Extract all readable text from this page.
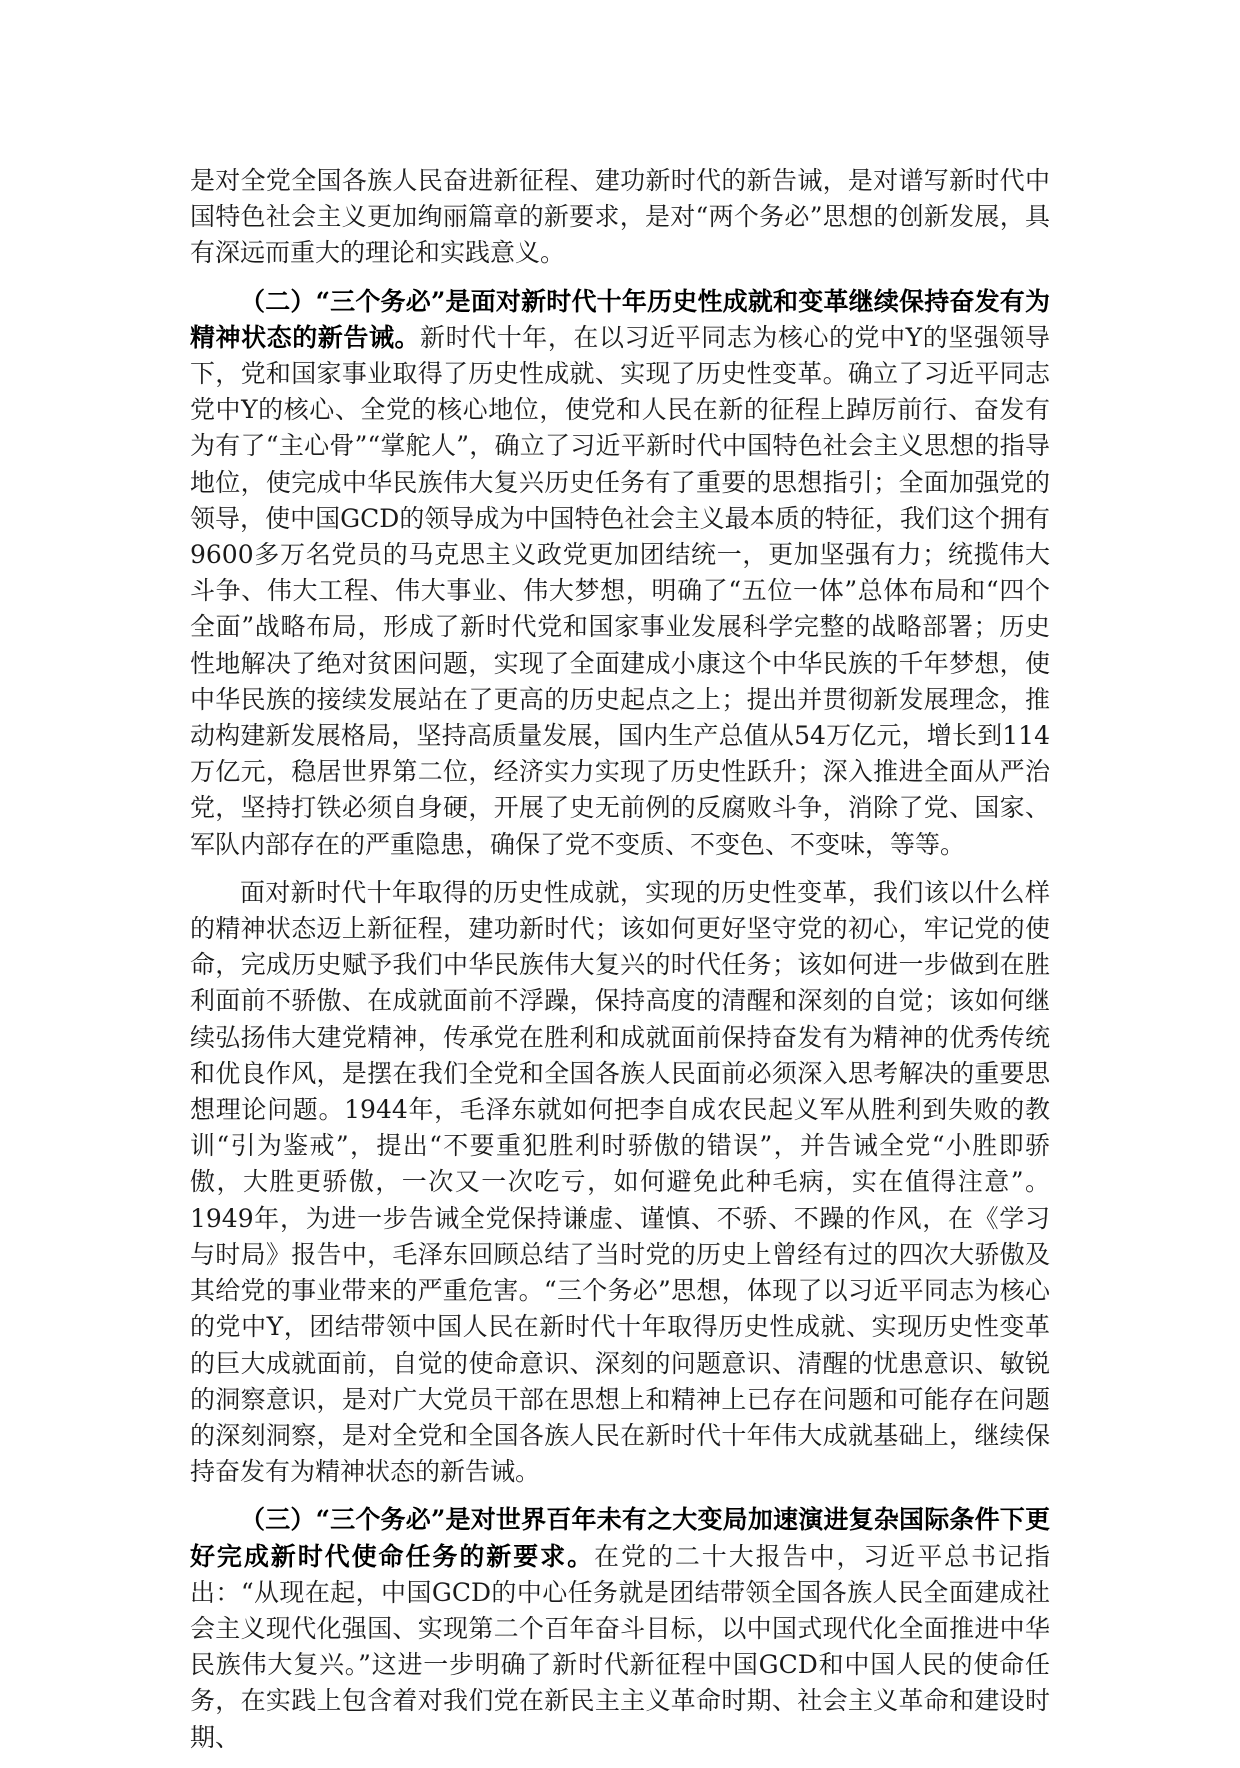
是对全党全国各族人民奋进新征程、建功新时代的新告诫，是对谱写新时代中国特色社会主义更加绚丽篇章的新要求，是对“两个务必”思想的创新发展，具有深远而重大的理论和实践意义。

（二）“三个务必”是面对新时代十年历史性成就和变革继续保持奋发有为精神状态的新告诫。新时代十年，在以习近平同志为核心的党中Y的坚强领导下，党和国家事业取得了历史性成就、实现了历史性变革。确立了习近平同志党中Y的核心、全党的核心地位，使党和人民在新的征程上踔厉前行、奋发有为有了“主心骨”“掌舵人”，确立了习近平新时代中国特色社会主义思想的指导地位，使完成中华民族伟大复兴历史任务有了重要的思想指引；全面加强党的领导，使中国GCD的领导成为中国特色社会主义最本质的特征，我们这个拥有9600多万名党员的马克思主义政党更加团结统一，更加坚强有力；统揽伟大斗争、伟大工程、伟大事业、伟大梦想，明确了“五位一体”总体布局和“四个全面”战略布局，形成了新时代党和国家事业发展科学完整的战略部署；历史性地解决了绝对贫困问题，实现了全面建成小康这个中华民族的千年梦想，使中华民族的接续发展站在了更高的历史起点之上；提出并贯彻新发展理念，推动构建新发展格局，坚持高质量发展，国内生产总值从54万亿元，增长到114万亿元，稳居世界第二位，经济实力实现了历史性跃升；深入推进全面从严治党，坚持打铁必须自身硬，开展了史无前例的反腐败斗争，消除了党、国家、军队内部存在的严重隐患，确保了党不变质、不变色、不变味，等等。

面对新时代十年取得的历史性成就，实现的历史性变革，我们该以什么样的精神状态迈上新征程，建功新时代；该如何更好坚守党的初心，牢记党的使命，完成历史赋予我们中华民族伟大复兴的时代任务；该如何进一步做到在胜利面前不骄傲、在成就面前不浮躁，保持高度的清醒和深刻的自觉；该如何继续弘扬伟大建党精神，传承党在胜利和成就面前保持奋发有为精神的优秀传统和优良作风，是摆在我们全党和全国各族人民面前必须深入思考解决的重要思想理论问题。1944年，毛泽东就如何把李自成农民起义军从胜利到失败的教训“引为鉴戒”，提出“不要重犯胜利时骄傲的错误”，并告诫全党“小胜即骄傲，大胜更骄傲，一次又一次吃亏，如何避免此种毛病，实在值得注意”。1949年，为进一步告诫全党保持谦虚、谨慎、不骄、不躁的作风，在《学习与时局》报告中，毛泽东回顾总结了当时党的历史上曾经有过的四次大骄傲及其给党的事业带来的严重危害。“三个务必”思想，体现了以习近平同志为核心的党中Y，团结带领中国人民在新时代十年取得历史性成就、实现历史性变革的巨大成就面前，自觉的使命意识、深刻的问题意识、清醒的忧患意识、敏锐的洞察意识，是对广大党员干部在思想上和精神上已存在问题和可能存在问题的深刻洞察，是对全党和全国各族人民在新时代十年伟大成就基础上，继续保持奋发有为精神状态的新告诫。

（三）“三个务必”是对世界百年未有之大变局加速演进复杂国际条件下更好完成新时代使命任务的新要求。在党的二十大报告中，习近平总书记指出：“从现在起，中国GCD的中心任务就是团结带领全国各族人民全面建成社会主义现代化强国、实现第二个百年奋斗目标，以中国式现代化全面推进中华民族伟大复兴。”这进一步明确了新时代新征程中国GCD和中国人民的使命任务，在实践上包含着对我们党在新民主主义革命时期、社会主义革命和建设时期、
